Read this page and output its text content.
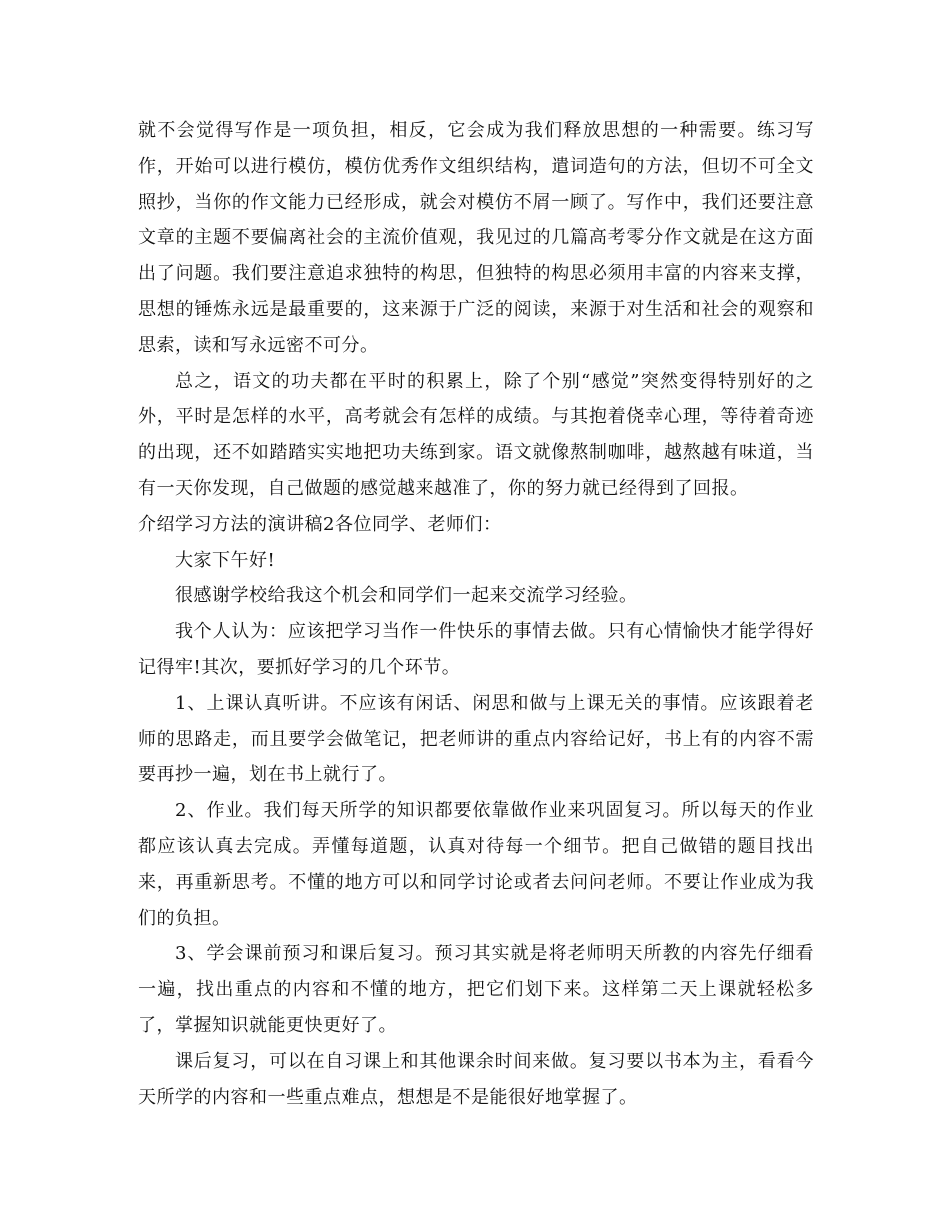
就不会觉得写作是一项负担，相反，它会成为我们释放思想的一种需要。练习写作，开始可以进行模仿，模仿优秀作文组织结构，遣词造句的方法，但切不可全文照抄，当你的作文能力已经形成，就会对模仿不屑一顾了。写作中，我们还要注意文章的主题不要偏离社会的主流价值观，我见过的几篇高考零分作文就是在这方面出了问题。我们要注意追求独特的构思，但独特的构思必须用丰富的内容来支撑，思想的锤炼永远是最重要的，这来源于广泛的阅读，来源于对生活和社会的观察和思索，读和写永远密不可分。

总之，语文的功夫都在平时的积累上，除了个别“感觉”突然变得特别好的之外，平时是怎样的水平，高考就会有怎样的成绩。与其抱着侥幸心理，等待着奇迹的出现，还不如踏踏实实地把功夫练到家。语文就像熬制咖啡，越熬越有味道，当有一天你发现，自己做题的感觉越来越准了，你的努力就已经得到了回报。

介绍学习方法的演讲稿2各位同学、老师们：

大家下午好!

很感谢学校给我这个机会和同学们一起来交流学习经验。

我个人认为：应该把学习当作一件快乐的事情去做。只有心情愉快才能学得好记得牢!其次，要抓好学习的几个环节。

1、上课认真听讲。不应该有闲话、闲思和做与上课无关的事情。应该跟着老师的思路走，而且要学会做笔记，把老师讲的重点内容给记好，书上有的内容不需要再抄一遍，划在书上就行了。

2、作业。我们每天所学的知识都要依靠做作业来巩固复习。所以每天的作业都应该认真去完成。弄懂每道题，认真对待每一个细节。把自己做错的题目找出来，再重新思考。不懂的地方可以和同学讨论或者去问问老师。不要让作业成为我们的负担。

3、学会课前预习和课后复习。预习其实就是将老师明天所教的内容先仔细看一遍，找出重点的内容和不懂的地方，把它们划下来。这样第二天上课就轻松多了，掌握知识就能更快更好了。

课后复习，可以在自习课上和其他课余时间来做。复习要以书本为主，看看今天所学的内容和一些重点难点，想想是不是能很好地掌握了。
